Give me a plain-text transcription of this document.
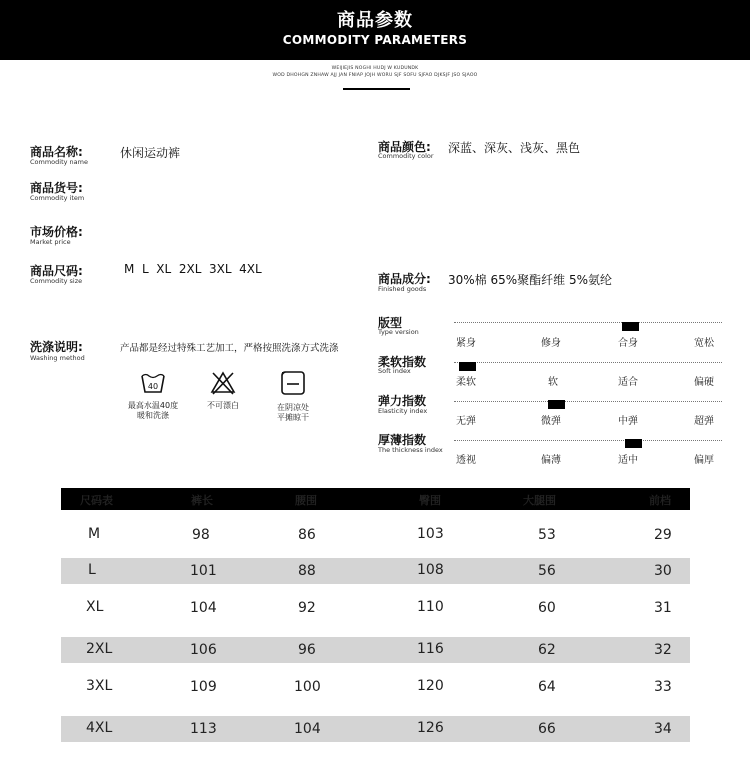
商品参数
COMMODITY PARAMETERS
WEIJIEJIS NOGHI HUDJ W KUDUNDK
WOD DHOHGN ZNHAW AJJ JAN FNIAP JOJH WORU SJF SOFU SJFAO DJKSJF JSO SJAOO
商品名称:
Commodity name
休闲运动裤
商品货号:
Commodity item
市场价格:
Market price
商品尺码:
Commodity size
M  L  XL  2XL  3XL  4XL
洗涤说明:
Washing method
产品都是经过特殊工艺加工，严格按照洗涤方式洗涤
40
最高水温40度
暖和洗涤
不可漂白	在阴凉处
平摊晾干
商品颜色:
Commodity color
深蓝、深灰、浅灰、黑色
商品成分:
Finished goods
30%棉 65%聚酯纤维 5%氨纶
版型
Type version
紧身	修身	合身	宽松
柔软指数
Soft index
柔软	软	适合	偏硬
弹力指数
Elasticity index
无弹	微弹	中弹	超弹
厚薄指数
The thickness index
透视	偏薄	适中	偏厚
尺码表	裤长	腰围	臀围	大腿围	前档
M	98	86	103	53	29
L	101	88	108	56	30
XL	104	92	110	60	31
2XL	106	96	116	62	32
3XL	109	100	120	64	33
4XL	113	104	126	66	34
